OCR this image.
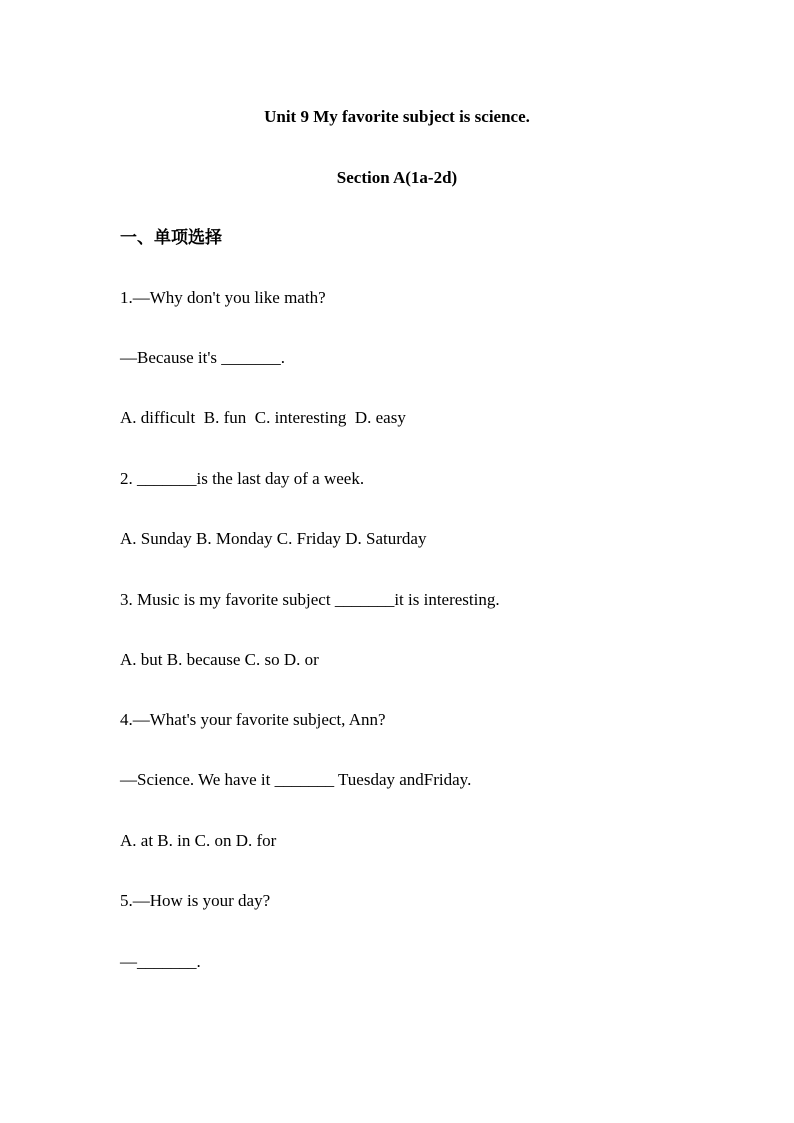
Unit 9 My favorite subject is science.
Section A(1a-2d)
一、单项选择
1.—Why don't you like math?
—Because it's _______.
A. difficult  B. fun  C. interesting  D. easy
2. _______is the last day of a week.
A. Sunday B. Monday C. Friday D. Saturday
3. Music is my favorite subject _______it is interesting.
A. but B. because C. so D. or
4.—What's your favorite subject, Ann?
—Science. We have it _______ Tuesday andFriday.
A. at B. in C. on D. for
5.—How is your day?
—_______.
